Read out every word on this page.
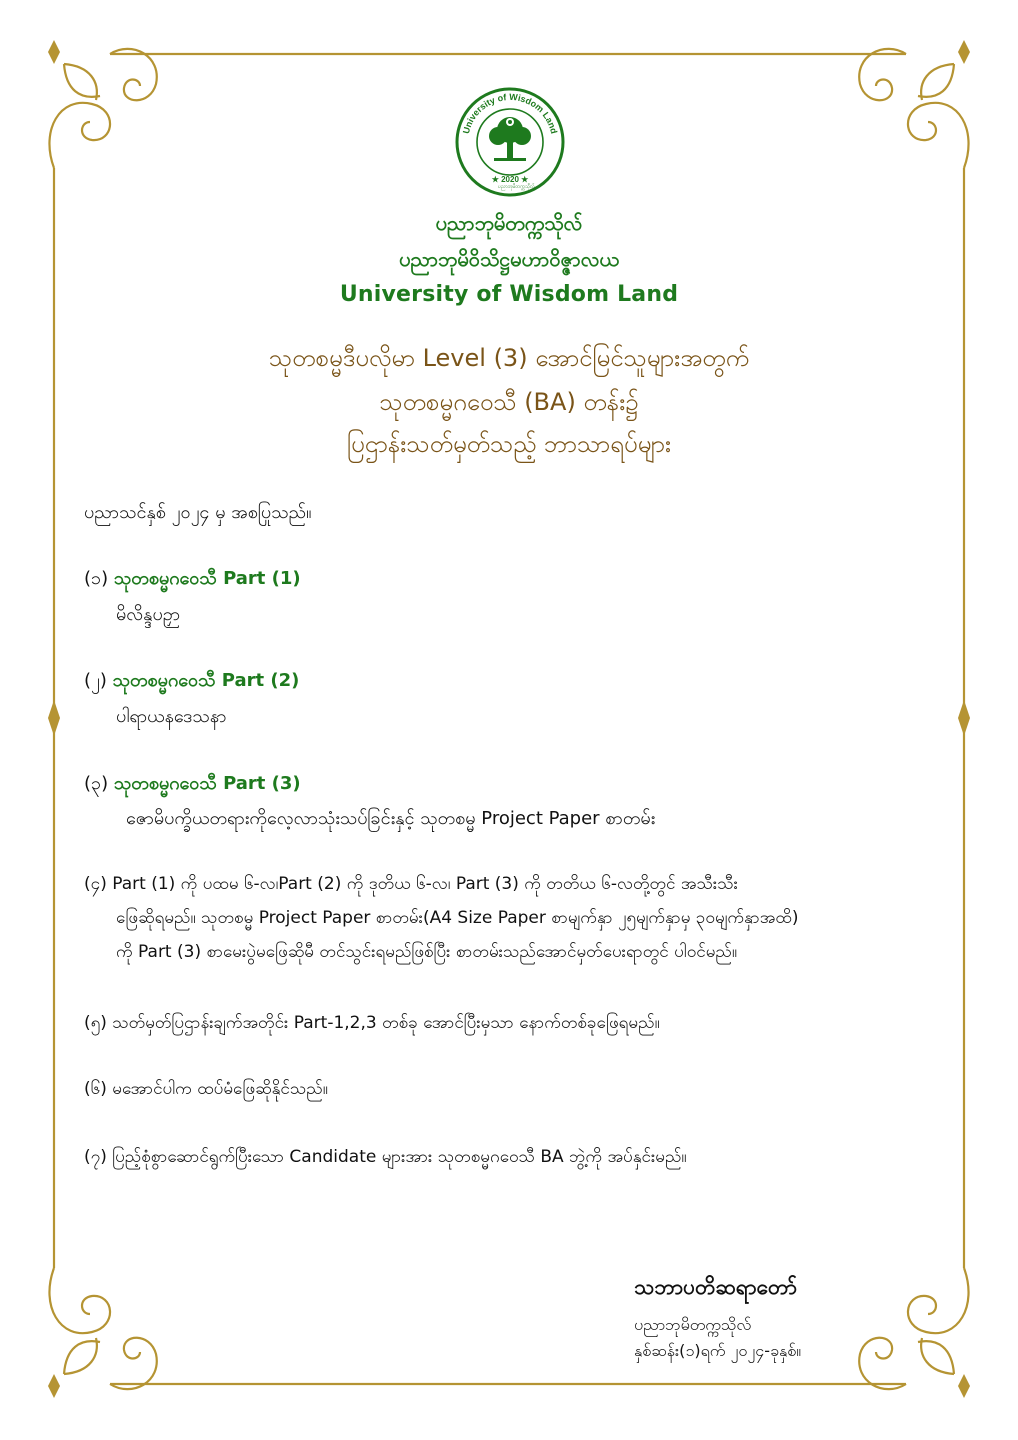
University of Wisdom Land
★ 2020 ★
ပညာဘုမိတက္ကသိုလ်

ပညာဘုမိတက္ကသိုလ်

ပညာဘုမိဝိသိဋ္ဌမဟာဝိဇ္ဇာလယ

University of Wisdom Land

သုတစမ္မဒီပလိုမာ Level (3) အောင်မြင်သူများအတွက်

သုတစမ္မဂဝေသီ (BA) တန်း၌

ပြဌာန်းသတ်မှတ်သည့် ဘာသာရပ်များ

ပညာသင်နှစ် ၂၀၂၄ မှ အစပြုသည်။

(၁) သုတစမ္မဂဝေသီ Part (1)

မိလိန္ဒပဉှာ

(၂) သုတစမ္မဂဝေသီ Part (2)

ပါရာယနဒေသနာ

(၃) သုတစမ္မဂဝေသီ Part (3)

ဇောမိပက္ခိယတရားကိုလေ့လာသုံးသပ်ခြင်းနှင့် သုတစမ္မ Project Paper စာတမ်း

(၄) Part (1) ကို ပထမ ၆-လ၊Part (2) ကို ဒုတိယ ၆-လ၊ Part (3) ကို တတိယ ၆-လတို့တွင် အသီးသီး

ဖြေဆိုရမည်။ သုတစမ္မ Project Paper စာတမ်း(A4 Size Paper စာမျက်နှာ ၂၅မျက်နှာမှ ၃၀မျက်နှာအထိ)

ကို Part (3) စာမေးပွဲမဖြေဆိုမီ တင်သွင်းရမည်ဖြစ်ပြီး စာတမ်းသည်အောင်မှတ်ပေးရာတွင် ပါဝင်မည်။

(၅) သတ်မှတ်ပြဌာန်းချက်အတိုင်း Part-1,2,3 တစ်ခု အောင်ပြီးမှသာ နောက်တစ်ခုဖြေရမည်။

(၆) မအောင်ပါက ထပ်မံဖြေဆိုနိုင်သည်။

(၇) ပြည့်စုံစွာဆောင်ရွက်ပြီးသော Candidate များအား သုတစမ္မဂဝေသီ BA ဘွဲ့ကို အပ်နှင်းမည်။

သဘာပတိဆရာတော်

ပညာဘုမိတက္ကသိုလ်

နှစ်ဆန်း(၁)ရက် ၂၀၂၄-ခုနှစ်။
